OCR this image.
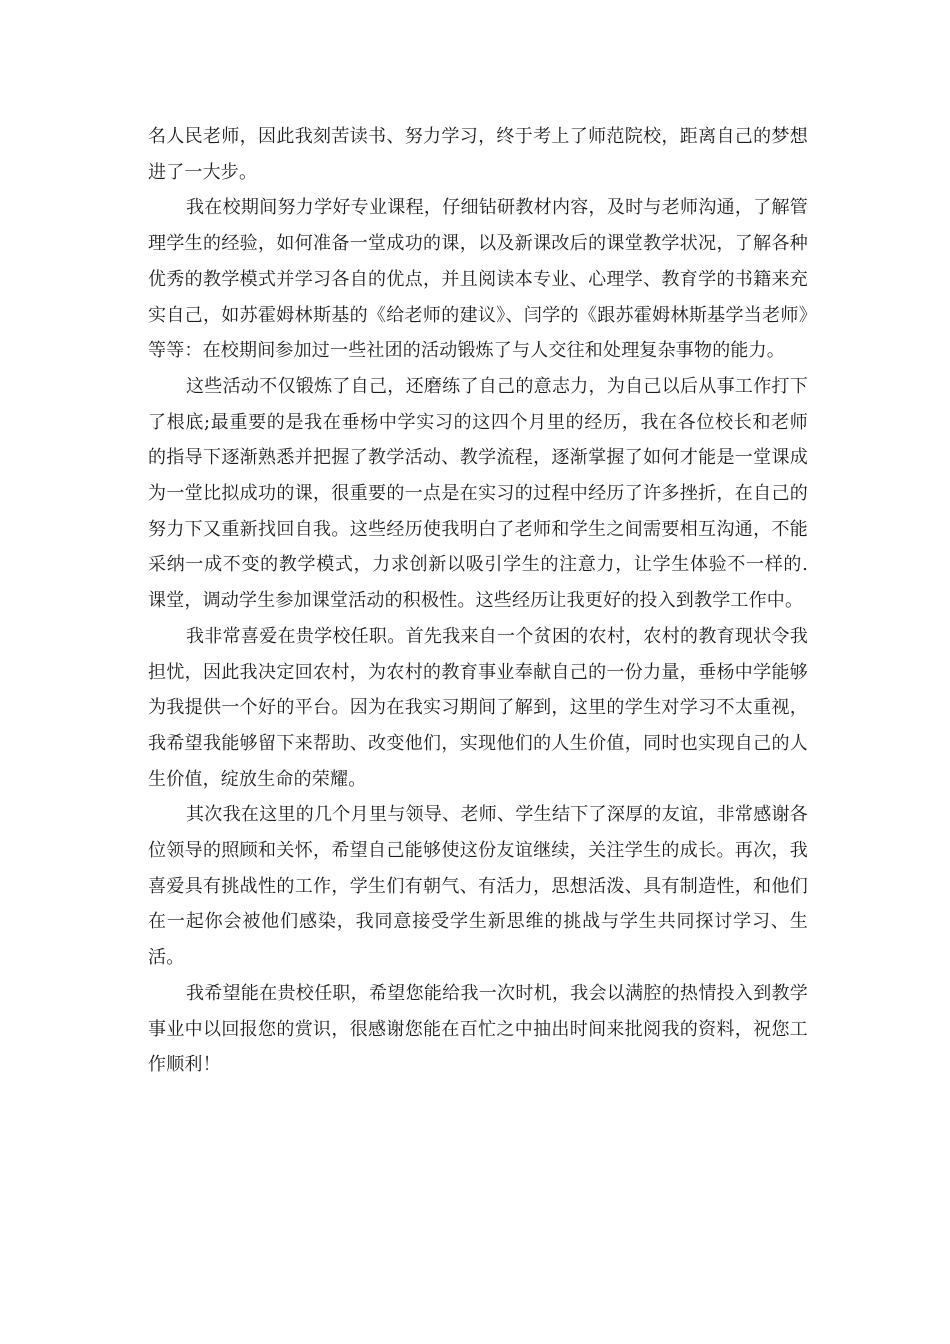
名人民老师，因此我刻苦读书、努力学习，终于考上了师范院校，距离自己的梦想进了一大步。

我在校期间努力学好专业课程，仔细钻研教材内容，及时与老师沟通，了解管理学生的经验，如何准备一堂成功的课，以及新课改后的课堂教学状况，了解各种优秀的教学模式并学习各自的优点，并且阅读本专业、心理学、教育学的书籍来充实自己，如苏霍姆林斯基的《给老师的建议》、闫学的《跟苏霍姆林斯基学当老师》等等：在校期间参加过一些社团的活动锻炼了与人交往和处理复杂事物的能力。

这些活动不仅锻炼了自己，还磨练了自己的意志力，为自己以后从事工作打下了根底;最重要的是我在垂杨中学实习的这四个月里的经历，我在各位校长和老师的指导下逐渐熟悉并把握了教学活动、教学流程，逐渐掌握了如何才能是一堂课成为一堂比拟成功的课，很重要的一点是在实习的过程中经历了许多挫折，在自己的努力下又重新找回自我。这些经历使我明白了老师和学生之间需要相互沟通，不能采纳一成不变的教学模式，力求创新以吸引学生的注意力，让学生体验不一样的.课堂，调动学生参加课堂活动的积极性。这些经历让我更好的投入到教学工作中。

我非常喜爱在贵学校任职。首先我来自一个贫困的农村，农村的教育现状令我担忧，因此我决定回农村，为农村的教育事业奉献自己的一份力量，垂杨中学能够为我提供一个好的平台。因为在我实习期间了解到，这里的学生对学习不太重视，我希望我能够留下来帮助、改变他们，实现他们的人生价值，同时也实现自己的人生价值，绽放生命的荣耀。

其次我在这里的几个月里与领导、老师、学生结下了深厚的友谊，非常感谢各位领导的照顾和关怀，希望自己能够使这份友谊继续，关注学生的成长。再次，我喜爱具有挑战性的工作，学生们有朝气、有活力，思想活泼、具有制造性，和他们在一起你会被他们感染，我同意接受学生新思维的挑战与学生共同探讨学习、生活。

我希望能在贵校任职，希望您能给我一次时机，我会以满腔的热情投入到教学事业中以回报您的赏识，很感谢您能在百忙之中抽出时间来批阅我的资料，祝您工作顺利！
